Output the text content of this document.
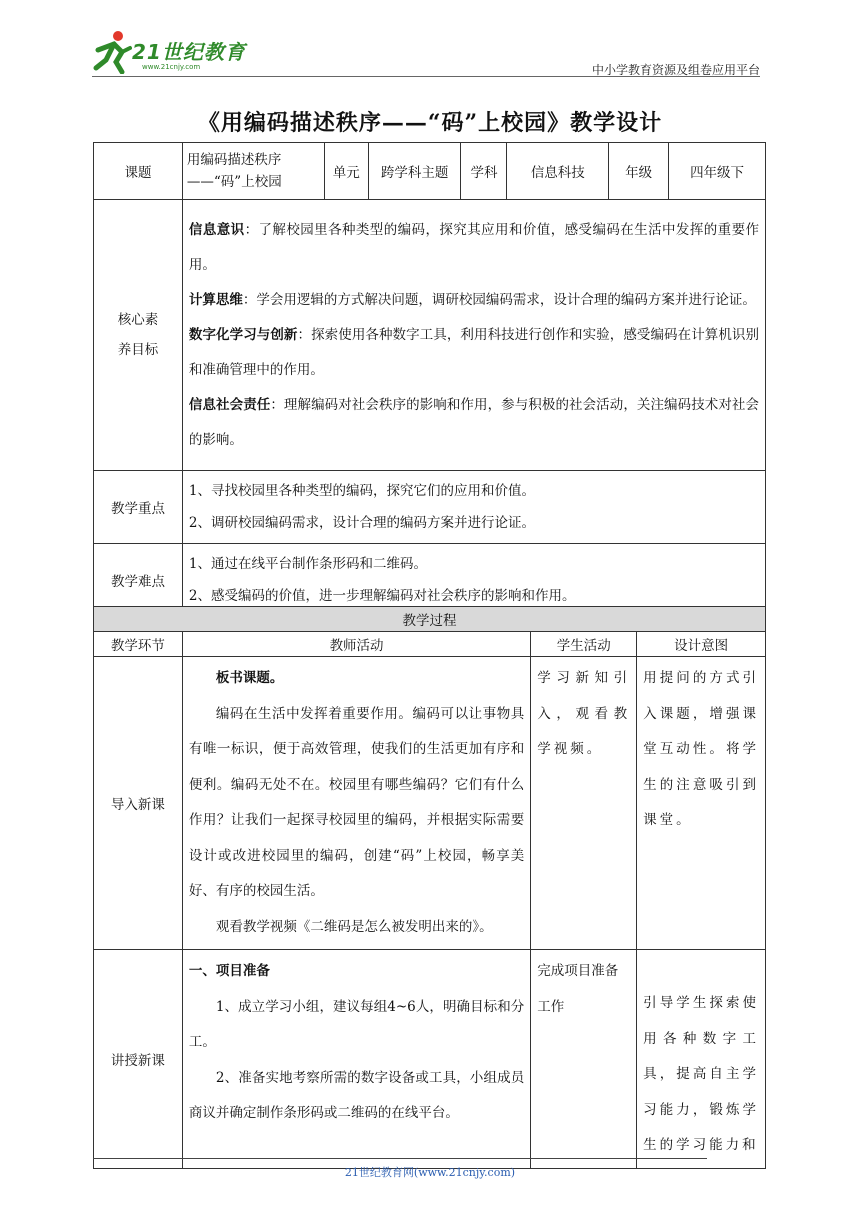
21世纪教育
www.21cnjy.com	中小学教育资源及组卷应用平台
《用编码描述秩序——“码”上校园》教学设计
课题	用编码描述秩序——“码”上校园	单元	跨学科主题	学科	信息科技	年级	四年级下
核心素养目标	信息意识：了解校园里各种类型的编码，探究其应用和价值，感受编码在生活中发挥的重要作用。

计算思维：学会用逻辑的方式解决问题，调研校园编码需求，设计合理的编码方案并进行论证。

数字化学习与创新：探索使用各种数字工具，利用科技进行创作和实验，感受编码在计算机识别和准确管理中的作用。

信息社会责任：理解编码对社会秩序的影响和作用，参与积极的社会活动，关注编码技术对社会的影响。						

教学重点	1、寻找校园里各种类型的编码，探究它们的应用和价值。

2、调研校园编码需求，设计合理的编码方案并进行论证。						

教学难点	1、通过在线平台制作条形码和二维码。

2、感受编码的价值，进一步理解编码对社会秩序的影响和作用。						

教学过程			
教学环节	教师活动	学生活动	设计意图
导入新课	板书课题。

编码在生活中发挥着重要作用。编码可以让事物具有唯一标识，便于高效管理，使我们的生活更加有序和便利。编码无处不在。校园里有哪些编码？它们有什么作用？让我们一起探寻校园里的编码，并根据实际需要设计或改进校园里的编码，创建“码”上校园，畅享美好、有序的校园生活。

观看教学视频《二维码是怎么被发明出来的》。	学习新知引入，观看教学视频。	用提问的方式引入课题，增强课堂互动性。将学生的注意吸引到课堂。
讲授新课	一、项目准备

1、成立学习小组，建议每组4~6人，明确目标和分工。

2、准备实地考察所需的数字设备或工具，小组成员商议并确定制作条形码或二维码的在线平台。	完成项目准备工作	引导学生探索使用各种数字工具，提高自主学习能力，锻炼学生的学习能力和
21世纪教育网(www.21cnjy.com)
